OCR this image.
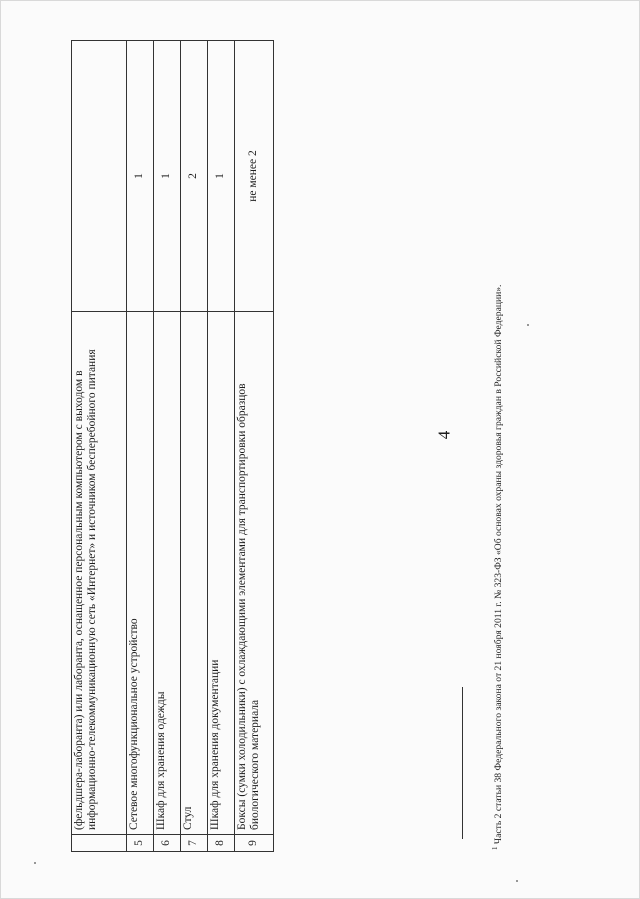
4
	(фельдшера-лаборанта) или лаборанта, оснащенное персональным компьютером с выходом в информационно-телекоммуникационную сеть «Интернет» и источником бесперебойного питания	
5	Сетевое многофункциональное устройство	1
6	Шкаф для хранения одежды	1
7	Стул	2
8	Шкаф для хранения документации	1
9	Боксы (сумки холодильники) с охлаждающими элементами для транспортировки образцов биологического материала	не менее 2
$^1$ Часть 2 статьи 38 Федерального закона от 21 ноября 2011 г. № 323-ФЗ «Об основах охраны здоровья граждан в Российской Федерации».
